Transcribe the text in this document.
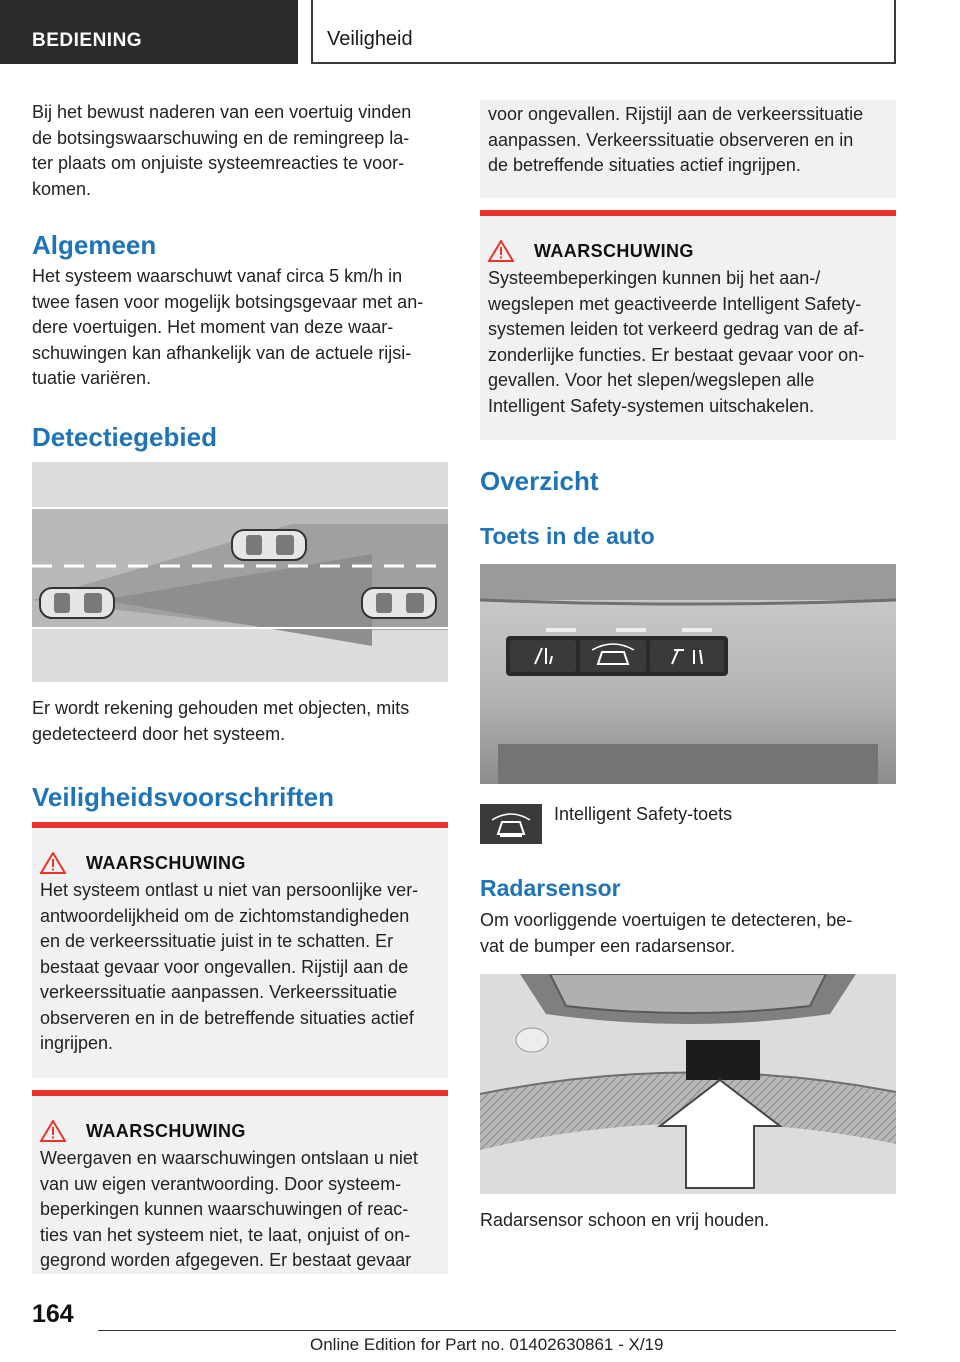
BEDIENING	Veiligheid
Bij het bewust naderen van een voertuig vinden
de botsingswaarschuwing en de remingreep la-
ter plaats om onjuiste systeemreacties te voor-
komen.
Algemeen
Het systeem waarschuwt vanaf circa 5 km/h in
twee fasen voor mogelijk botsingsgevaar met an-
dere voertuigen. Het moment van deze waar-
schuwingen kan afhankelijk van de actuele rijsi-
tuatie variëren.
Detectiegebied
Er wordt rekening gehouden met objecten, mits
gedetecteerd door het systeem.
Veiligheidsvoorschriften
WAARSCHUWING
Het systeem ontlast u niet van persoonlijke ver-
antwoordelijkheid om de zichtomstandigheden
en de verkeerssituatie juist in te schatten. Er
bestaat gevaar voor ongevallen. Rijstijl aan de
verkeerssituatie aanpassen. Verkeerssituatie
observeren en in de betreffende situaties actief
ingrijpen.
WAARSCHUWING
Weergaven en waarschuwingen ontslaan u niet
van uw eigen verantwoording. Door systeem-
beperkingen kunnen waarschuwingen of reac-
ties van het systeem niet, te laat, onjuist of on-
gegrond worden afgegeven. Er bestaat gevaar
voor ongevallen. Rijstijl aan de verkeerssituatie
aanpassen. Verkeerssituatie observeren en in
de betreffende situaties actief ingrijpen.
WAARSCHUWING
Systeembeperkingen kunnen bij het aan-/
wegslepen met geactiveerde Intelligent Safety-
systemen leiden tot verkeerd gedrag van de af-
zonderlijke functies. Er bestaat gevaar voor on-
gevallen. Voor het slepen/wegslepen alle
Intelligent Safety-systemen uitschakelen.
Overzicht
Toets in de auto
Intelligent Safety-toets
Radarsensor
Om voorliggende voertuigen te detecteren, be-
vat de bumper een radarsensor.
Radarsensor schoon en vrij houden.
164
Online Edition for Part no. 01402630861 - X/19
